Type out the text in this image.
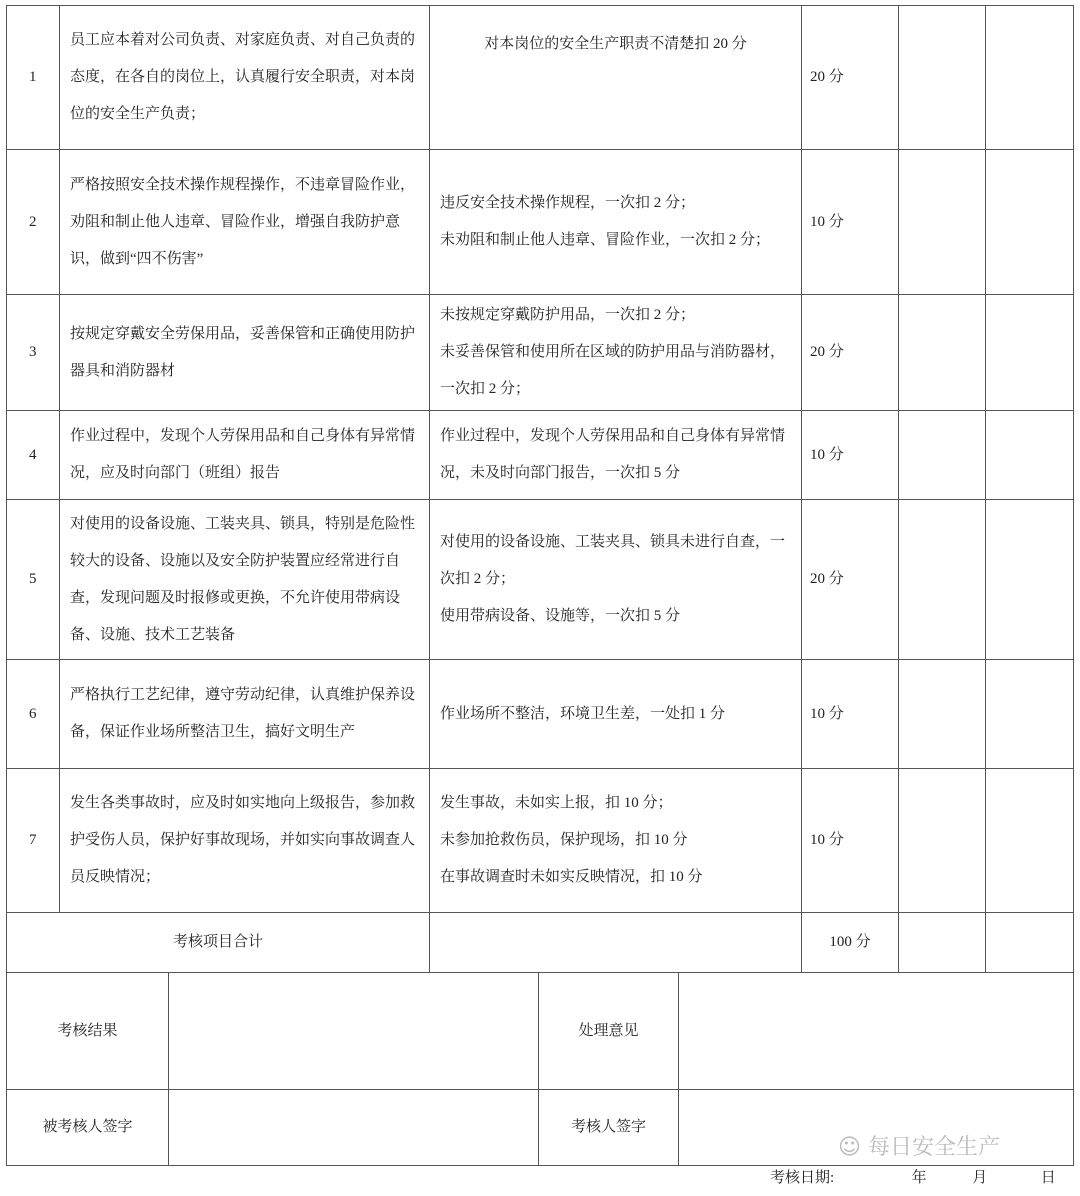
1	员工应本着对公司负责、对家庭负责、对自己负责的态度，在各自的岗位上，认真履行安全职责，对本岗位的安全生产负责；	对本岗位的安全生产职责不清楚扣 20 分	20 分		
2	严格按照安全技术操作规程操作，不违章冒险作业，劝阻和制止他人违章、冒险作业，增强自我防护意识，做到“四不伤害”	违反安全技术操作规程，一次扣 2 分；
未劝阻和制止他人违章、冒险作业，一次扣 2 分；	10 分		
3	按规定穿戴安全劳保用品，妥善保管和正确使用防护器具和消防器材	未按规定穿戴防护用品，一次扣 2 分；
未妥善保管和使用所在区域的防护用品与消防器材，一次扣 2 分；	20 分		
4	作业过程中，发现个人劳保用品和自己身体有异常情况，应及时向部门（班组）报告	作业过程中，发现个人劳保用品和自己身体有异常情况，未及时向部门报告，一次扣 5 分	10 分		
5	对使用的设备设施、工装夹具、锁具，特别是危险性较大的设备、设施以及安全防护装置应经常进行自查，发现问题及时报修或更换，不允许使用带病设备、设施、技术工艺装备	对使用的设备设施、工装夹具、锁具未进行自查，一次扣 2 分；
使用带病设备、设施等，一次扣 5 分	20 分		
6	严格执行工艺纪律，遵守劳动纪律，认真维护保养设备，保证作业场所整洁卫生，搞好文明生产	作业场所不整洁，环境卫生差，一处扣 1 分	10 分		
7	发生各类事故时，应及时如实地向上级报告，参加救护受伤人员，保护好事故现场，并如实向事故调查人员反映情况；	发生事故，未如实上报，扣 10 分；
未参加抢救伤员，保护现场，扣 10 分
在事故调查时未如实反映情况，扣 10 分	10 分		
考核项目合计			100 分		
考核结果		处理意见	
被考核人签字		考核人签字	
☺ 每日安全生产
考核日期:	年	月	日
